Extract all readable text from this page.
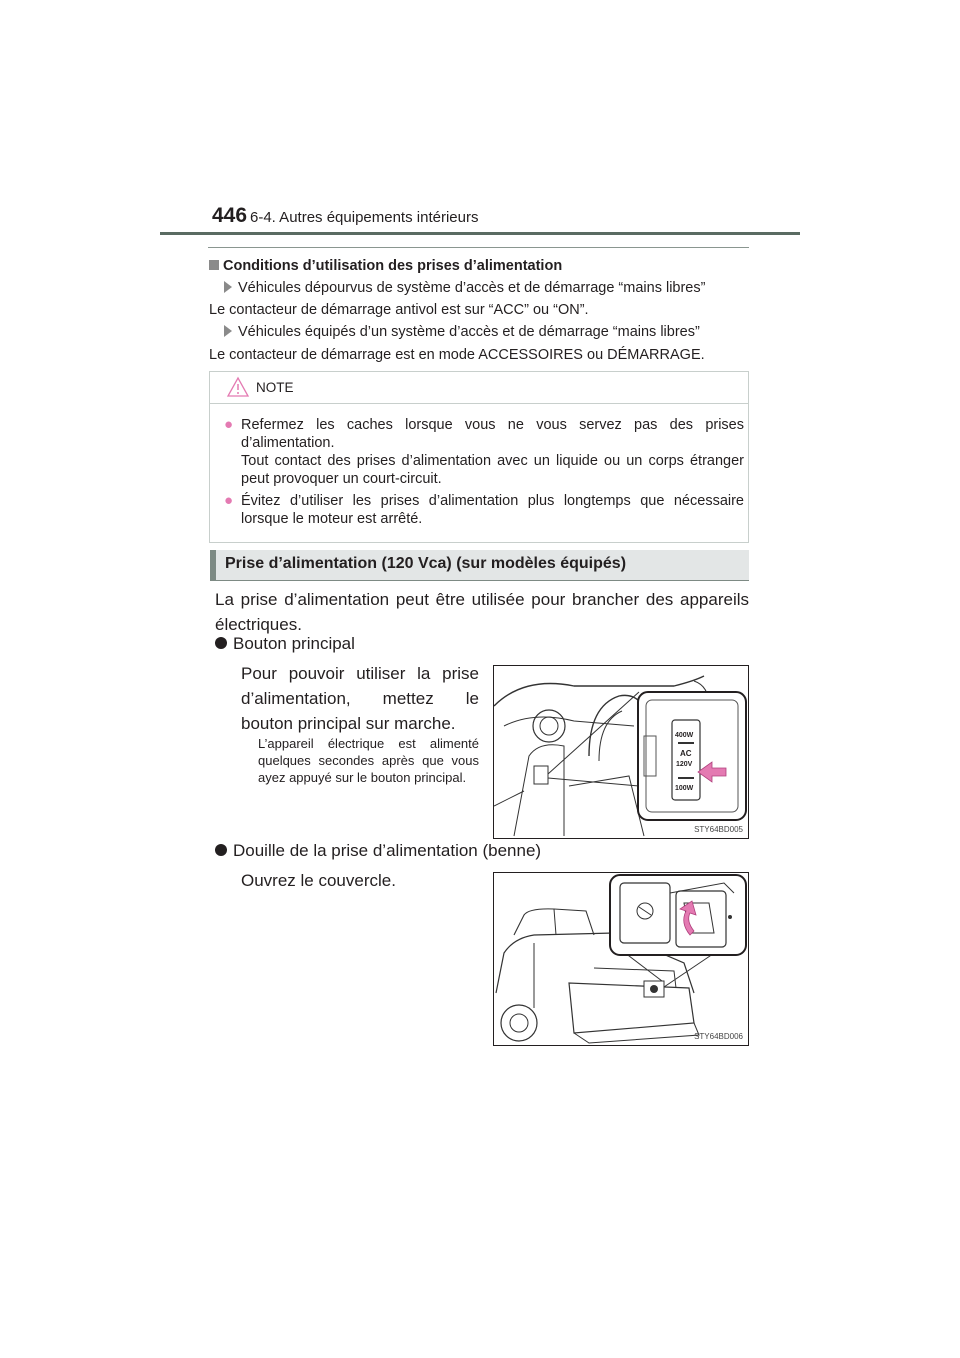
446 6-4. Autres équipements intérieurs
Conditions d’utilisation des prises d’alimentation
Véhicules dépourvus de système d’accès et de démarrage “mains libres”
Le contacteur de démarrage antivol est sur “ACC” ou “ON”.
Véhicules équipés d’un système d’accès et de démarrage “mains libres”
Le contacteur de démarrage est en mode ACCESSOIRES ou DÉMARRAGE.
NOTE
● Refermez les caches lorsque vous ne vous servez pas des prises d’alimentation.
Tout contact des prises d’alimentation avec un liquide ou un corps étranger peut provoquer un court-circuit.
● Évitez d’utiliser les prises d’alimentation plus longtemps que nécessaire lorsque le moteur est arrêté.
Prise d’alimentation (120 Vca) (sur modèles équipés)
La prise d’alimentation peut être utilisée pour brancher des appareils électriques.
Bouton principal
Pour pouvoir utiliser la prise d’alimentation, mettez le bouton principal sur marche.
L’appareil électrique est alimenté quelques secondes après que vous ayez appuyé sur le bouton principal.
400W
AC
120V
100W
STY64BD005
Douille de la prise d’alimentation (benne)
Ouvrez le couvercle.
STY64BD006
